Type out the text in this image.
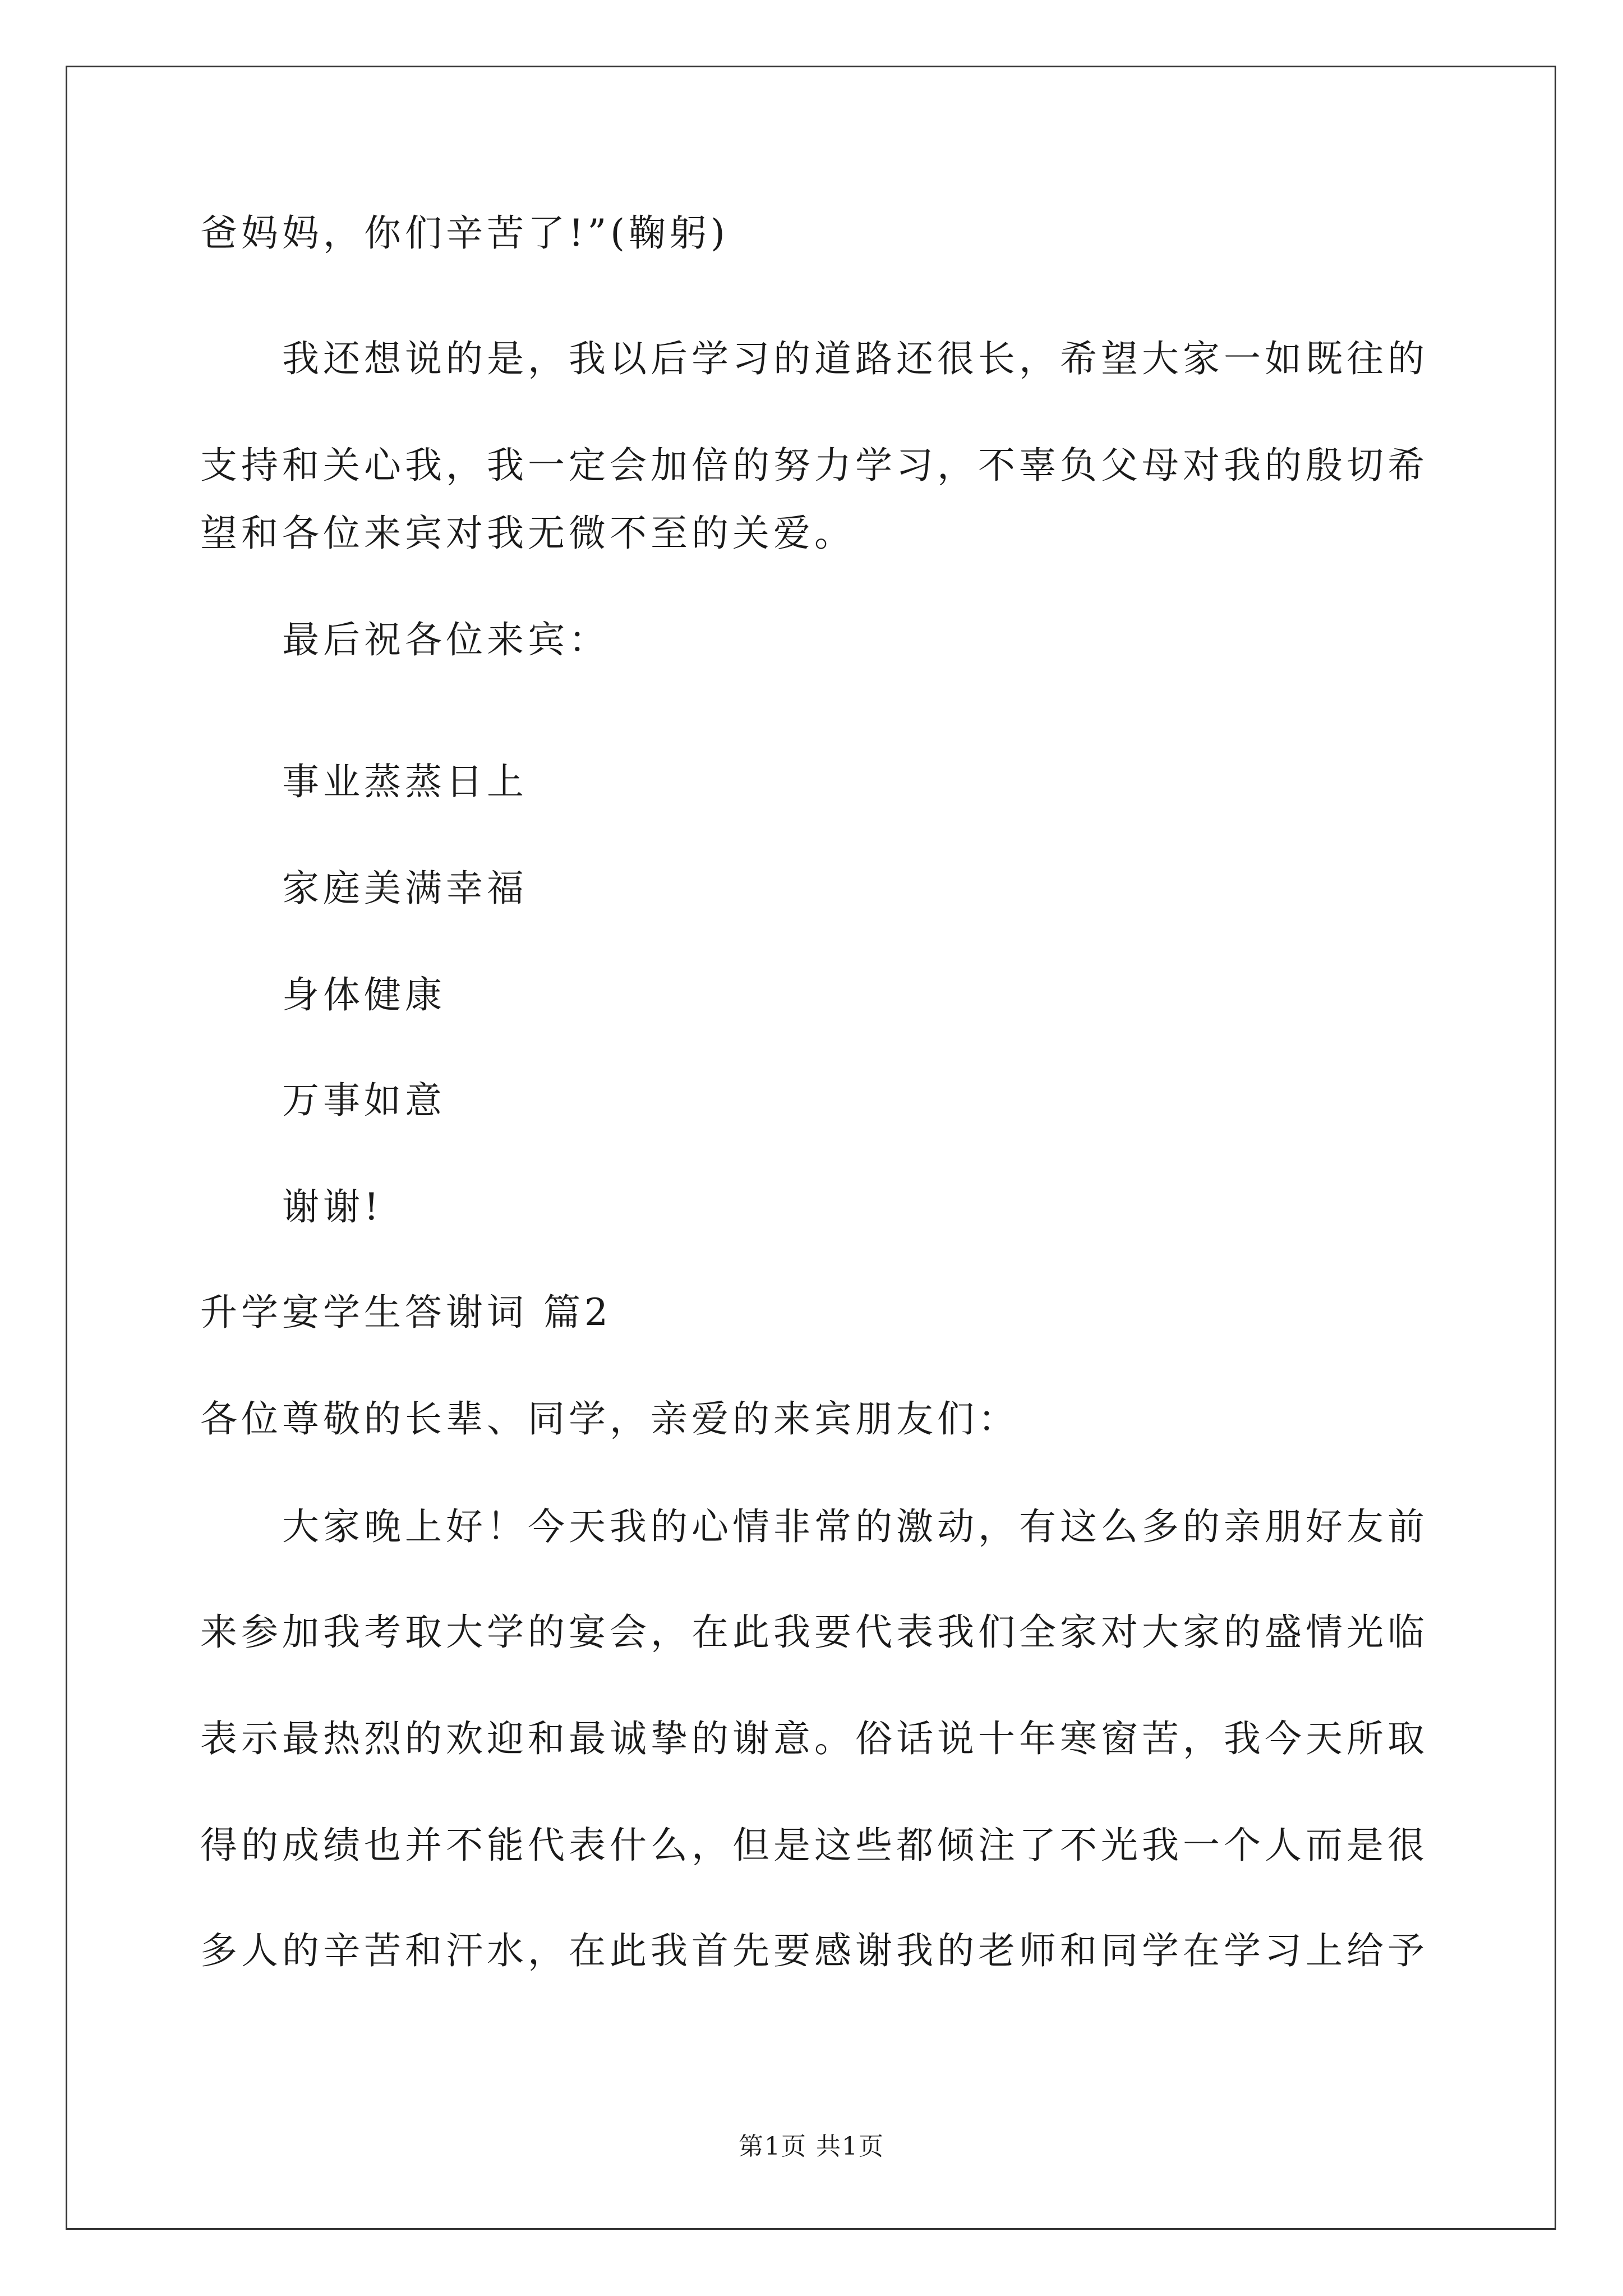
爸妈妈，你们辛苦了!”(鞠躬)
我还想说的是，我以后学习的道路还很长，希望大家一如既往的
支持和关心我，我一定会加倍的努力学习，不辜负父母对我的殷切希
望和各位来宾对我无微不至的关爱。
最后祝各位来宾：
事业蒸蒸日上
家庭美满幸福
身体健康
万事如意
谢谢!
升学宴学生答谢词 篇2
各位尊敬的长辈、同学，亲爱的来宾朋友们：
大家晚上好！今天我的心情非常的激动，有这么多的亲朋好友前
来参加我考取大学的宴会，在此我要代表我们全家对大家的盛情光临
表示最热烈的欢迎和最诚挚的谢意。俗话说十年寒窗苦，我今天所取
得的成绩也并不能代表什么，但是这些都倾注了不光我一个人而是很
多人的辛苦和汗水，在此我首先要感谢我的老师和同学在学习上给予
第1页 共1页
